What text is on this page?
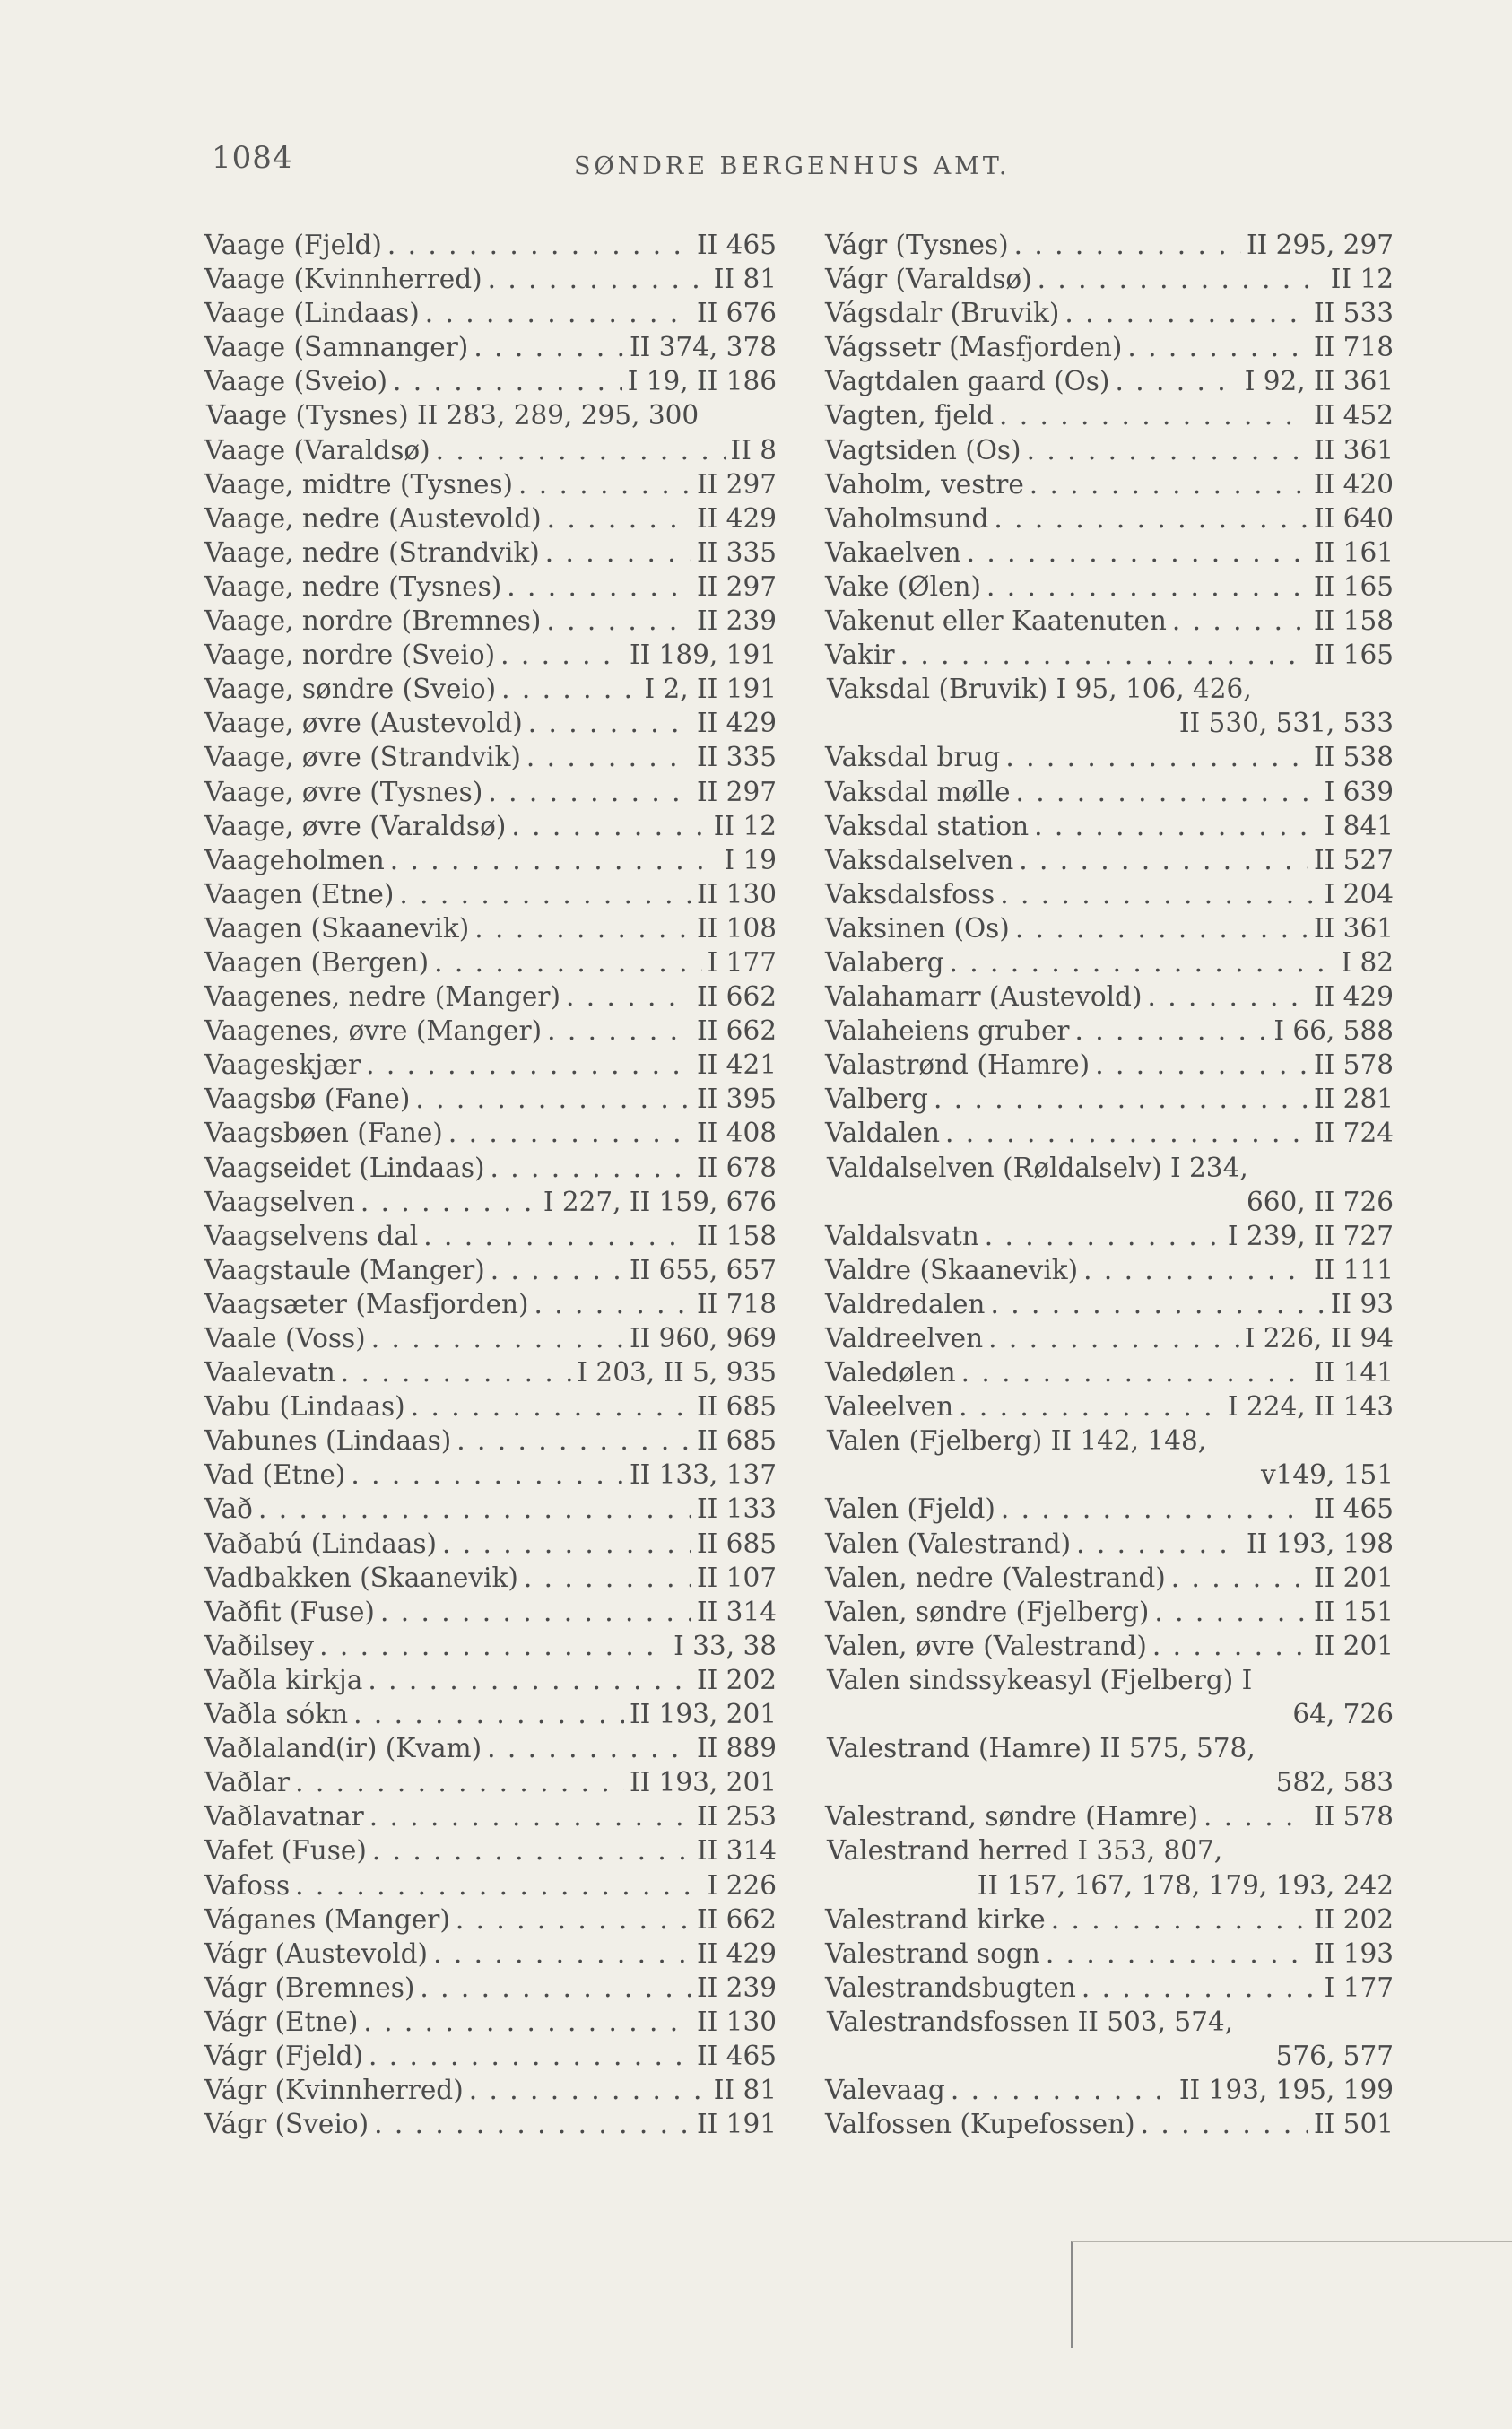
1084	SØNDRE BERGENHUS AMT.
Vaage (Fjeld) . . .	II 465
Vaage (Kvinnherred) . . .	II 81
Vaage (Lindaas) . . .	II 676
Vaage (Samnanger) . . .	II 374, 378
Vaage (Sveio) . . .	I 19, II 186
Vaage (Tysnes) II 283, 289, 295, 300
Vaage (Varaldsø) . . .	II 8
Vaage, midtre (Tysnes) . . .	II 297
Vaage, nedre (Austevold) . . .	II 429
Vaage, nedre (Strandvik) . . .	II 335
Vaage, nedre (Tysnes) . . .	II 297
Vaage, nordre (Bremnes) . . .	II 239
Vaage, nordre (Sveio) . . .	II 189, 191
Vaage, søndre (Sveio) . . .	I 2, II 191
Vaage, øvre (Austevold) . . .	II 429
Vaage, øvre (Strandvik) . . .	II 335
Vaage, øvre (Tysnes) . . .	II 297
Vaage, øvre (Varaldsø) . . .	II 12
Vaageholmen . . .	I 19
Vaagen (Etne) . . .	II 130
Vaagen (Skaanevik) . . .	II 108
Vaagen (Bergen) . . .	I 177
Vaagenes, nedre (Manger) . . .	II 662
Vaagenes, øvre (Manger) . . .	II 662
Vaageskjær . . .	II 421
Vaagsbø (Fane) . . .	II 395
Vaagsbøen (Fane) . . .	II 408
Vaagseidet (Lindaas) . . .	II 678
Vaagselven . . .	I 227, II 159, 676
Vaagselvens dal . . .	II 158
Vaagstaule (Manger) . . .	II 655, 657
Vaagsæter (Masfjorden) . . .	II 718
Vaale (Voss) . . .	II 960, 969
Vaalevatn . . .	I 203, II 5, 935
Vabu (Lindaas) . . .	II 685
Vabunes (Lindaas) . . .	II 685
Vad (Etne) . . .	II 133, 137
Vað . . .	II 133
Vaðabú (Lindaas) . . .	II 685
Vadbakken (Skaanevik) . . .	II 107
Vaðfit (Fuse) . . .	II 314
Vaðilsey . . .	I 33, 38
Vaðla kirkja . . .	II 202
Vaðla sókn . . .	II 193, 201
Vaðlaland(ir) (Kvam) . . .	II 889
Vaðlar . . .	II 193, 201
Vaðlavatnar . . .	II 253
Vafet (Fuse) . . .	II 314
Vafoss . . .	I 226
Váganes (Manger) . . .	II 662
Vágr (Austevold) . . .	II 429
Vágr (Bremnes) . . .	II 239
Vágr (Etne) . . .	II 130
Vágr (Fjeld) . . .	II 465
Vágr (Kvinnherred) . . .	II 81
Vágr (Sveio) . . .	II 191
Vágr (Tysnes) . . .	II 295, 297
Vágr (Varaldsø) . . .	II 12
Vágsdalr (Bruvik) . . .	II 533
Vágssetr (Masfjorden) . . .	II 718
Vagtdalen gaard (Os) . . .	I 92, II 361
Vagten, fjeld . . .	II 452
Vagtsiden (Os) . . .	II 361
Vaholm, vestre . . .	II 420
Vaholmsund . . .	II 640
Vakaelven . . .	II 161
Vake (Ølen) . . .	II 165
Vakenut eller Kaatenuten . . .	II 158
Vakir . . .	II 165
Vaksdal (Bruvik) I 95, 106, 426,
II 530, 531, 533
Vaksdal brug . . .	II 538
Vaksdal mølle . . .	I 639
Vaksdal station . . .	I 841
Vaksdalselven . . .	II 527
Vaksdalsfoss . . .	I 204
Vaksinen (Os) . . .	II 361
Valaberg . . .	I 82
Valahamarr (Austevold) . . .	II 429
Valaheiens gruber . . .	I 66, 588
Valastrønd (Hamre) . . .	II 578
Valberg . . .	II 281
Valdalen . . .	II 724
Valdalselven (Røldalselv) I 234,
660, II 726
Valdalsvatn . . .	I 239, II 727
Valdre (Skaanevik) . . .	II 111
Valdredalen . . .	II 93
Valdreelven . . .	I 226, II 94
Valedølen . . .	II 141
Valeelven . . .	I 224, II 143
Valen (Fjelberg) II 142, 148,
v149, 151
Valen (Fjeld) . . .	II 465
Valen (Valestrand) . . .	II 193, 198
Valen, nedre (Valestrand) . . .	II 201
Valen, søndre (Fjelberg) . . .	II 151
Valen, øvre (Valestrand) . . .	II 201
Valen sindssykeasyl (Fjelberg) I
64, 726
Valestrand (Hamre) II 575, 578,
582, 583
Valestrand, søndre (Hamre) . . .	II 578
Valestrand herred I 353, 807,
II 157, 167, 178, 179, 193, 242
Valestrand kirke . . .	II 202
Valestrand sogn . . .	II 193
Valestrandsbugten . . .	I 177
Valestrandsfossen II 503, 574,
576, 577
Valevaag . . .	II 193, 195, 199
Valfossen (Kupefossen) . . .	II 501
